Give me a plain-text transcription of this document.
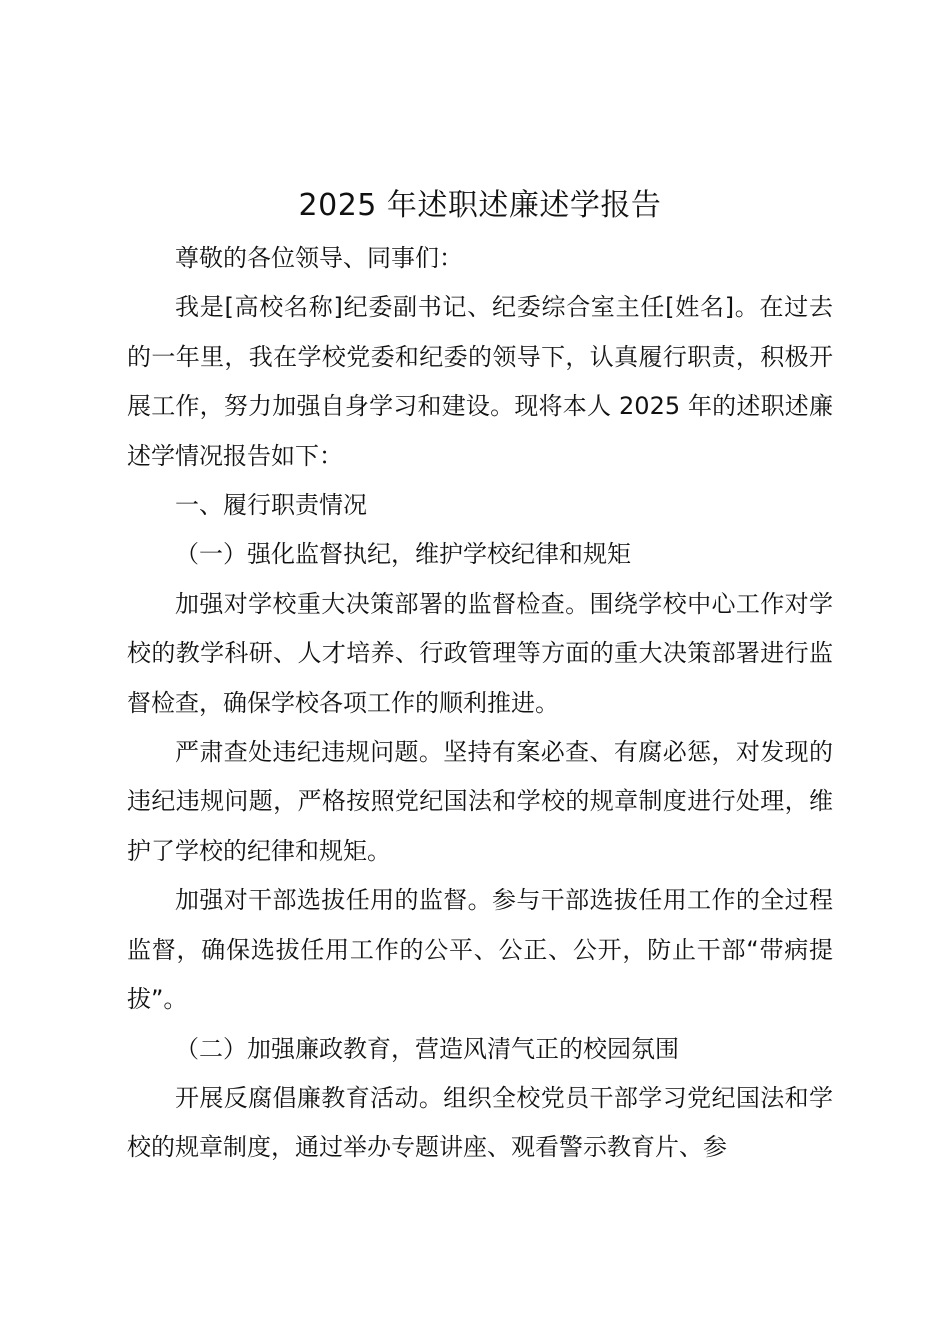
2025 年述职述廉述学报告

尊敬的各位领导、同事们：

我是[高校名称]纪委副书记、纪委综合室主任[姓名]。在过去的一年里，我在学校党委和纪委的领导下，认真履行职责，积极开展工作，努力加强自身学习和建设。现将本人 2025 年的述职述廉述学情况报告如下：

一、履行职责情况

（一）强化监督执纪，维护学校纪律和规矩

加强对学校重大决策部署的监督检查。围绕学校中心工作对学校的教学科研、人才培养、行政管理等方面的重大决策部署进行监督检查，确保学校各项工作的顺利推进。

严肃查处违纪违规问题。坚持有案必查、有腐必惩，对发现的违纪违规问题，严格按照党纪国法和学校的规章制度进行处理，维护了学校的纪律和规矩。

加强对干部选拔任用的监督。参与干部选拔任用工作的全过程监督，确保选拔任用工作的公平、公正、公开，防止干部“带病提拔”。

（二）加强廉政教育，营造风清气正的校园氛围

开展反腐倡廉教育活动。组织全校党员干部学习党纪国法和学校的规章制度，通过举办专题讲座、观看警示教育片、参
